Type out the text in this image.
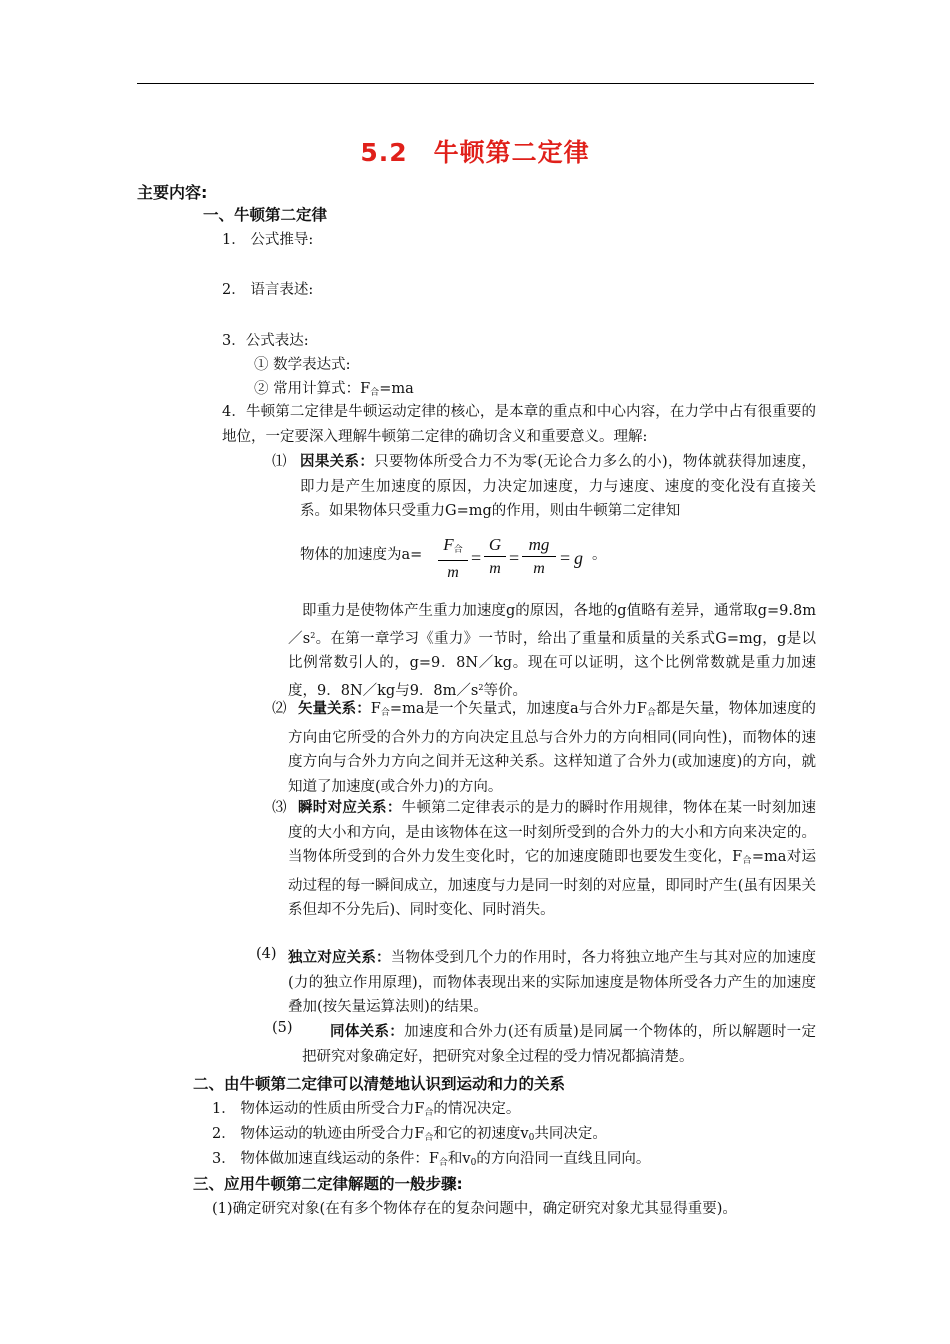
5.2　牛顿第二定律
主要内容:
一、牛顿第二定律
1． 公式推导:
2． 语言表述:
3．公式表达:
① 数学表达式:
② 常用计算式：$F_合=ma$
4．牛顿第二定律是牛顿运动定律的核心，是本章的重点和中心内容，在力学中占有很重要的地位，一定要深入理解牛顿第二定律的确切含义和重要意义。理解:
⑴ 因果关系：只要物体所受合力不为零(无论合力多么的小)，物体就获得加速度，即力是产生加速度的原因，力决定加速度，力与速度、速度的变化没有直接关系。如果物体只受重力G=mg的作用，则由牛顿第二定律知
物体的加速度为a=
$F_合$
m
=
G
m
=
mg
m
= g 。
即重力是使物体产生重力加速度g的原因，各地的g值略有差异，通常取$g=9.8m/s^2$。在第一章学习《重力》一节时，给出了重量和质量的关系式G=mg，g是以比例常数引人的，g=9．8N／kg。现在可以证明，这个比例常数就是重力加速度，9．8N／kg与9．$8m/s^2$等价。
⑵ 矢量关系：$F_合=ma$是一个矢量式，加速度a与合外力$F_合$都是矢量，物体加速度的方向由它所受的合外力的方向决定且总与合外力的方向相同(同向性)，而物体的速度方向与合外力方向之间并无这种关系。这样知道了合外力(或加速度)的方向，就知道了加速度(或合外力)的方向。
⑶ 瞬时对应关系：牛顿第二定律表示的是力的瞬时作用规律，物体在某一时刻加速度的大小和方向，是由该物体在这一时刻所受到的合外力的大小和方向来决定的。当物体所受到的合外力发生变化时，它的加速度随即也要发生变化，$F_合=ma$对运动过程的每一瞬间成立，加速度与力是同一时刻的对应量，即同时产生(虽有因果关系但却不分先后)、同时变化、同时消失。
(4) 独立对应关系：当物体受到几个力的作用时，各力将独立地产生与其对应的加速度(力的独立作用原理)，而物体表现出来的实际加速度是物体所受各力产生的加速度叠加(按矢量运算法则)的结果。
(5)	同体关系：加速度和合外力(还有质量)是同属一个物体的，所以解题时一定把研究对象确定好，把研究对象全过程的受力情况都搞清楚。
二、由牛顿第二定律可以清楚地认识到运动和力的关系
1． 物体运动的性质由所受合力$F_合$的情况决定。
2． 物体运动的轨迹由所受合力$F_合$和它的初速度$v_0$共同决定。
3． 物体做加速直线运动的条件：$F_合$和$v_0$的方向沿同一直线且同向。
三、应用牛顿第二定律解题的一般步骤:
(1)确定研究对象(在有多个物体存在的复杂问题中，确定研究对象尤其显得重要)。
